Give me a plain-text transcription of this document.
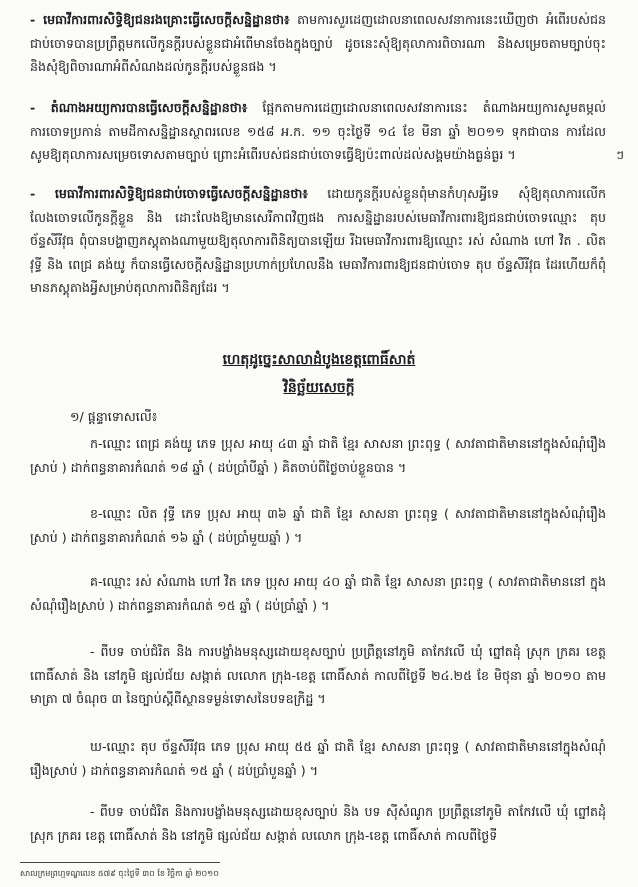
- មេធាវីការពារសិទ្ធិឱ្យជនរងគ្រោះធ្វើសេចក្តីសន្និដ្ឋានថា៖ តាមការសួរដេញដោលនាពេលសវនាការនេះឃើញថា អំពើរបស់ជនជាប់ចោទបានប្រព្រឹត្តមកលើកូនក្តីរបស់ខ្លួនជាអំពើមានចែងក្នុងច្បាប់ ដូចនេះសុំឱ្យតុលាការពិចារណា និងសម្រេចតាមច្បាប់ចុះ និងសុំឱ្យពិចារណាអំពីសំណងដល់កូនក្តីរបស់ខ្លួនផង ។

- តំណាងអយ្យការបានធ្វើសេចក្តីសន្និដ្ឋានថា៖ ផ្អែកតាមការដេញដោលនាពេលសវនាការនេះ តំណាងអយ្យការសូមតម្កល់ការចោទប្រកាន់ តាមដីកាសន្និដ្ឋានស្ថាពរលេខ ១៥៨ អ.ក. ១១ ចុះថ្ងៃទី ១៤ ខែ មីនា ឆ្នាំ ២០១១ ទុកជាបាន ការដែល សូមឱ្យតុលាការសម្រេចទោសតាមច្បាប់ ព្រោះអំពើរបស់ជនជាប់ចោទធ្វើឱ្យប៉ះពាល់ដល់សង្គមយ៉ាងធ្ងន់ធ្ងរ ។	ៗ

- មេធាវីការពារសិទ្ធិឱ្យជនជាប់ចោទធ្វើសេចក្តីសន្និដ្ឋានថា៖ ដោយកូនក្តីរបស់ខ្លួនពុំមានកំហុសអ្វីទេ សុំឱ្យតុលាការលើកលែងចោទលើកូនក្តីខ្លួន និង ដោះលែងឱ្យមានសេរីភាពវិញផង ការសន្និដ្ឋានរបស់មេធាវីការពារឱ្យជនជាប់ចោទឈ្មោះ តុប ច័ន្ទសីរីវុធ ពុំបានបង្ហាញភស្តុតាងណាមួយឱ្យតុលាការពិនិត្យបានឡើយ រីឯមេធាវីការពារឱ្យឈ្មោះ រស់ សំណាង ហៅ វិត . លិត វុទ្ធី និង ពេជ្រ គង់យូ ក៏បានធ្វើសេចក្តីសន្និដ្ឋានប្រហាក់ប្រហែលនឹង មេធាវីការពារឱ្យជនជាប់ចោទ តុប ច័ន្ទសីរីវុធ ដែរហើយក៏ពុំមានភស្តុតាងអ្វីសម្រាប់តុលាការពិនិត្យដែរ ។

ហេតុដូច្នេះសាលាដំបូងខេត្តពោធិ៍សាត់

វិនិច្ឆ័យសេចក្តី

១/ ផ្តន្ទាទោសលើ៖

ក-ឈ្មោះ ពេជ្រ គង់យូ ភេទ ប្រុស អាយុ ៤៣ ឆ្នាំ ជាតិ ខ្មែរ សាសនា ព្រះពុទ្ធ ( សាវតាជាតិមាននៅក្នុងសំណុំរឿងស្រាប់ ) ដាក់ពន្ធនាគារកំណត់ ១៨ ឆ្នាំ ( ដប់ប្រាំបីឆ្នាំ ) គិតចាប់ពីថ្ងៃចាប់ខ្លួនបាន ។

ខ-ឈ្មោះ លិត វុទ្ធី ភេទ ប្រុស អាយុ ៣៦ ឆ្នាំ ជាតិ ខ្មែរ សាសនា ព្រះពុទ្ធ ( សាវតាជាតិមាននៅក្នុងសំណុំរឿងស្រាប់ ) ដាក់ពន្ធនាគារកំណត់ ១៦ ឆ្នាំ ( ដប់ប្រាំមួយឆ្នាំ ) ។

គ-ឈ្មោះ រស់ សំណាង ហៅ វិត ភេទ ប្រុស អាយុ ៤០ ឆ្នាំ ជាតិ ខ្មែរ សាសនា ព្រះពុទ្ធ ( សាវតាជាតិមាននៅ ក្នុងសំណុំរឿងស្រាប់ ) ដាក់ពន្ធនាគារកំណត់ ១៥ ឆ្នាំ ( ដប់ប្រាំឆ្នាំ ) ។

- ពីបទ ចាប់ជំរិត និង ការបង្ខាំងមនុស្សដោយខុសច្បាប់ ប្រព្រឹត្តនៅភូមិ តាកែវលើ ឃុំ ព្នៅតដុំ ស្រុក ក្រគរ ខេត្ត ពោធិ៍សាត់ និង នៅភូមិ ផ្សល់ជ័យ សង្កាត់ លលោក ក្រុង-ខេត្ត ពោធិ៍សាត់ កាលពីថ្ងៃទី ២៤.២៥ ខែ មិថុនា ឆ្នាំ ២០១០ តាមមាត្រា ៧ ចំណុច ៣ នៃច្បាប់ស្តីពីស្ថានទម្ងន់ទោសនៃបទឧក្រិដ្ឋ ។

ឃ-ឈ្មោះ តុប ច័ន្ទសីរីវុធ ភេទ ប្រុស អាយុ ៥៥ ឆ្នាំ ជាតិ ខ្មែរ សាសនា ព្រះពុទ្ធ ( សាវតាជាតិមាននៅក្នុងសំណុំរឿងស្រាប់ ) ដាក់ពន្ធនាគារកំណត់ ១៥ ឆ្នាំ ( ដប់ប្រាំបួនឆ្នាំ ) ។

- ពីបទ ចាប់ជំរិត និងការបង្ខាំងមនុស្សដោយខុសច្បាប់ និង បទ ស៊ីសំណូក ប្រព្រឹត្តនៅភូមិ តាកែវលើ ឃុំ ព្នៅតដុំ ស្រុក ក្រគរ ខេត្ត ពោធិ៍សាត់ និង នៅភូមិ ផ្សល់ជ័យ សង្កាត់ លលោក ក្រុង-ខេត្ត ពោធិ៍សាត់ កាលពីថ្ងៃទី

សាលក្រមព្រហ្មទណ្ឌលេខ ៥៧៩ ចុះថ្ងៃទី ៣០ ខែ វិច្ឆិកា ឆ្នាំ ២០១០
